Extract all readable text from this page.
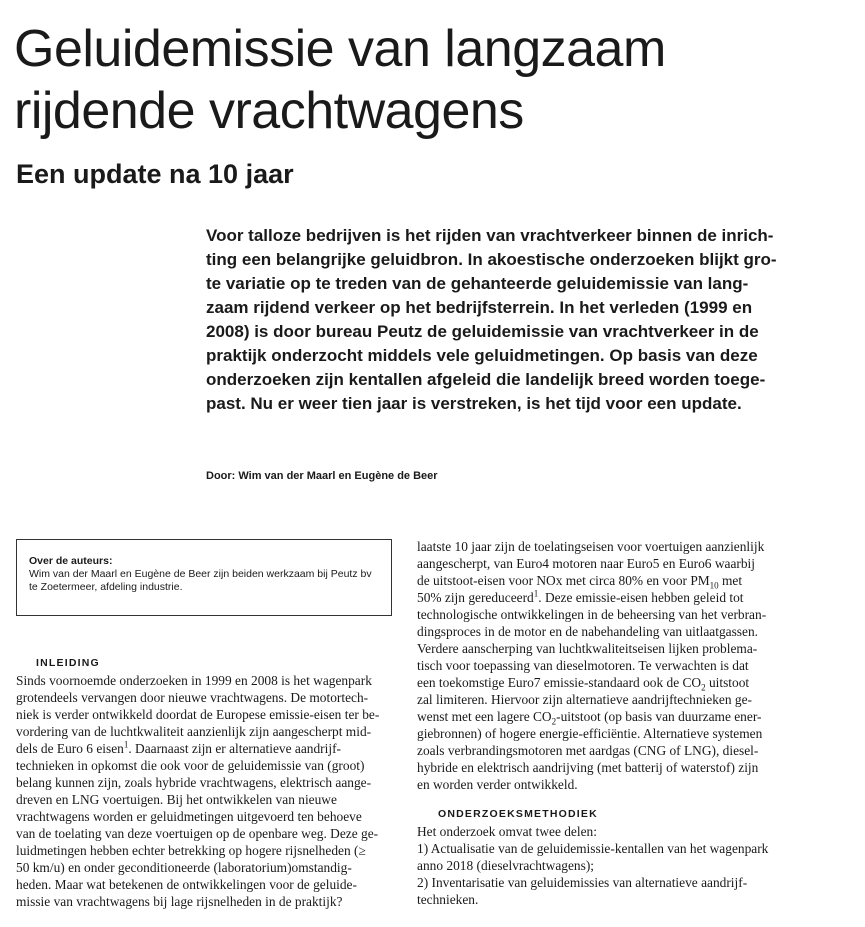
Geluidemissie van langzaam
rijdende vrachtwagens
Een update na 10 jaar

Voor talloze bedrijven is het rijden van vrachtverkeer binnen de inrich-
ting een belangrijke geluidbron. In akoestische onderzoeken blijkt gro-
te variatie op te treden van de gehanteerde geluidemissie van lang-
zaam rijdend verkeer op het bedrijfsterrein. In het verleden (1999 en
2008) is door bureau Peutz de geluidemissie van vrachtverkeer in de
praktijk onderzocht middels vele geluidmetingen. Op basis van deze
onderzoeken zijn kentallen afgeleid die landelijk breed worden toege-
past. Nu er weer tien jaar is verstreken, is het tijd voor een update.

Door: Wim van der Maarl en Eugène de Beer
Over de auteurs:
Wim van der Maarl en Eugène de Beer zijn beiden werkzaam bij Peutz bv te Zoetermeer, afdeling industrie.
INLEIDING
Sinds voornoemde onderzoeken in 1999 en 2008 is het wagenpark
grotendeels vervangen door nieuwe vrachtwagens. De motortech-
niek is verder ontwikkeld doordat de Europese emissie-eisen ter be-
vordering van de luchtkwaliteit aanzienlijk zijn aangescherpt mid-
dels de Euro 6 eisen$^1$. Daarnaast zijn er alternatieve aandrijf-
technieken in opkomst die ook voor de geluidemissie van (groot)
belang kunnen zijn, zoals hybride vrachtwagens, elektrisch aange-
dreven en LNG voertuigen. Bij het ontwikkelen van nieuwe
vrachtwagens worden er geluidmetingen uitgevoerd ten behoeve
van de toelating van deze voertuigen op de openbare weg. Deze ge-
luidmetingen hebben echter betrekking op hogere rijsnelheden (≥
50 km/u) en onder geconditioneerde (laboratorium)omstandig-
heden. Maar wat betekenen de ontwikkelingen voor de geluide-
missie van vrachtwagens bij lage rijsnelheden in de praktijk?
laatste 10 jaar zijn de toelatingseisen voor voertuigen aanzienlijk
aangescherpt, van Euro4 motoren naar Euro5 en Euro6 waarbij
de uitstoot-eisen voor NOx met circa 80% en voor $PM_{10}$ met
50% zijn gereduceerd$^1$. Deze emissie-eisen hebben geleid tot
technologische ontwikkelingen in de beheersing van het verbran-
dingsproces in de motor en de nabehandeling van uitlaatgassen.
Verdere aanscherping van luchtkwaliteitseisen lijken problema-
tisch voor toepassing van dieselmotoren. Te verwachten is dat
een toekomstige Euro7 emissie-standaard ook de $CO_2$ uitstoot
zal limiteren. Hiervoor zijn alternatieve aandrijftechnieken ge-
wenst met een lagere $CO_2$-uitstoot (op basis van duurzame ener-
giebronnen) of hogere energie-efficiëntie. Alternatieve systemen
zoals verbrandingsmotoren met aardgas (CNG of LNG), diesel-
hybride en elektrisch aandrijving (met batterij of waterstof) zijn
en worden verder ontwikkeld.
ONDERZOEKSMETHODIEK
Het onderzoek omvat twee delen:
1) Actualisatie van de geluidemissie-kentallen van het wagenpark
anno 2018 (dieselvrachtwagens);
2) Inventarisatie van geluidemissies van alternatieve aandrijf-
technieken.
